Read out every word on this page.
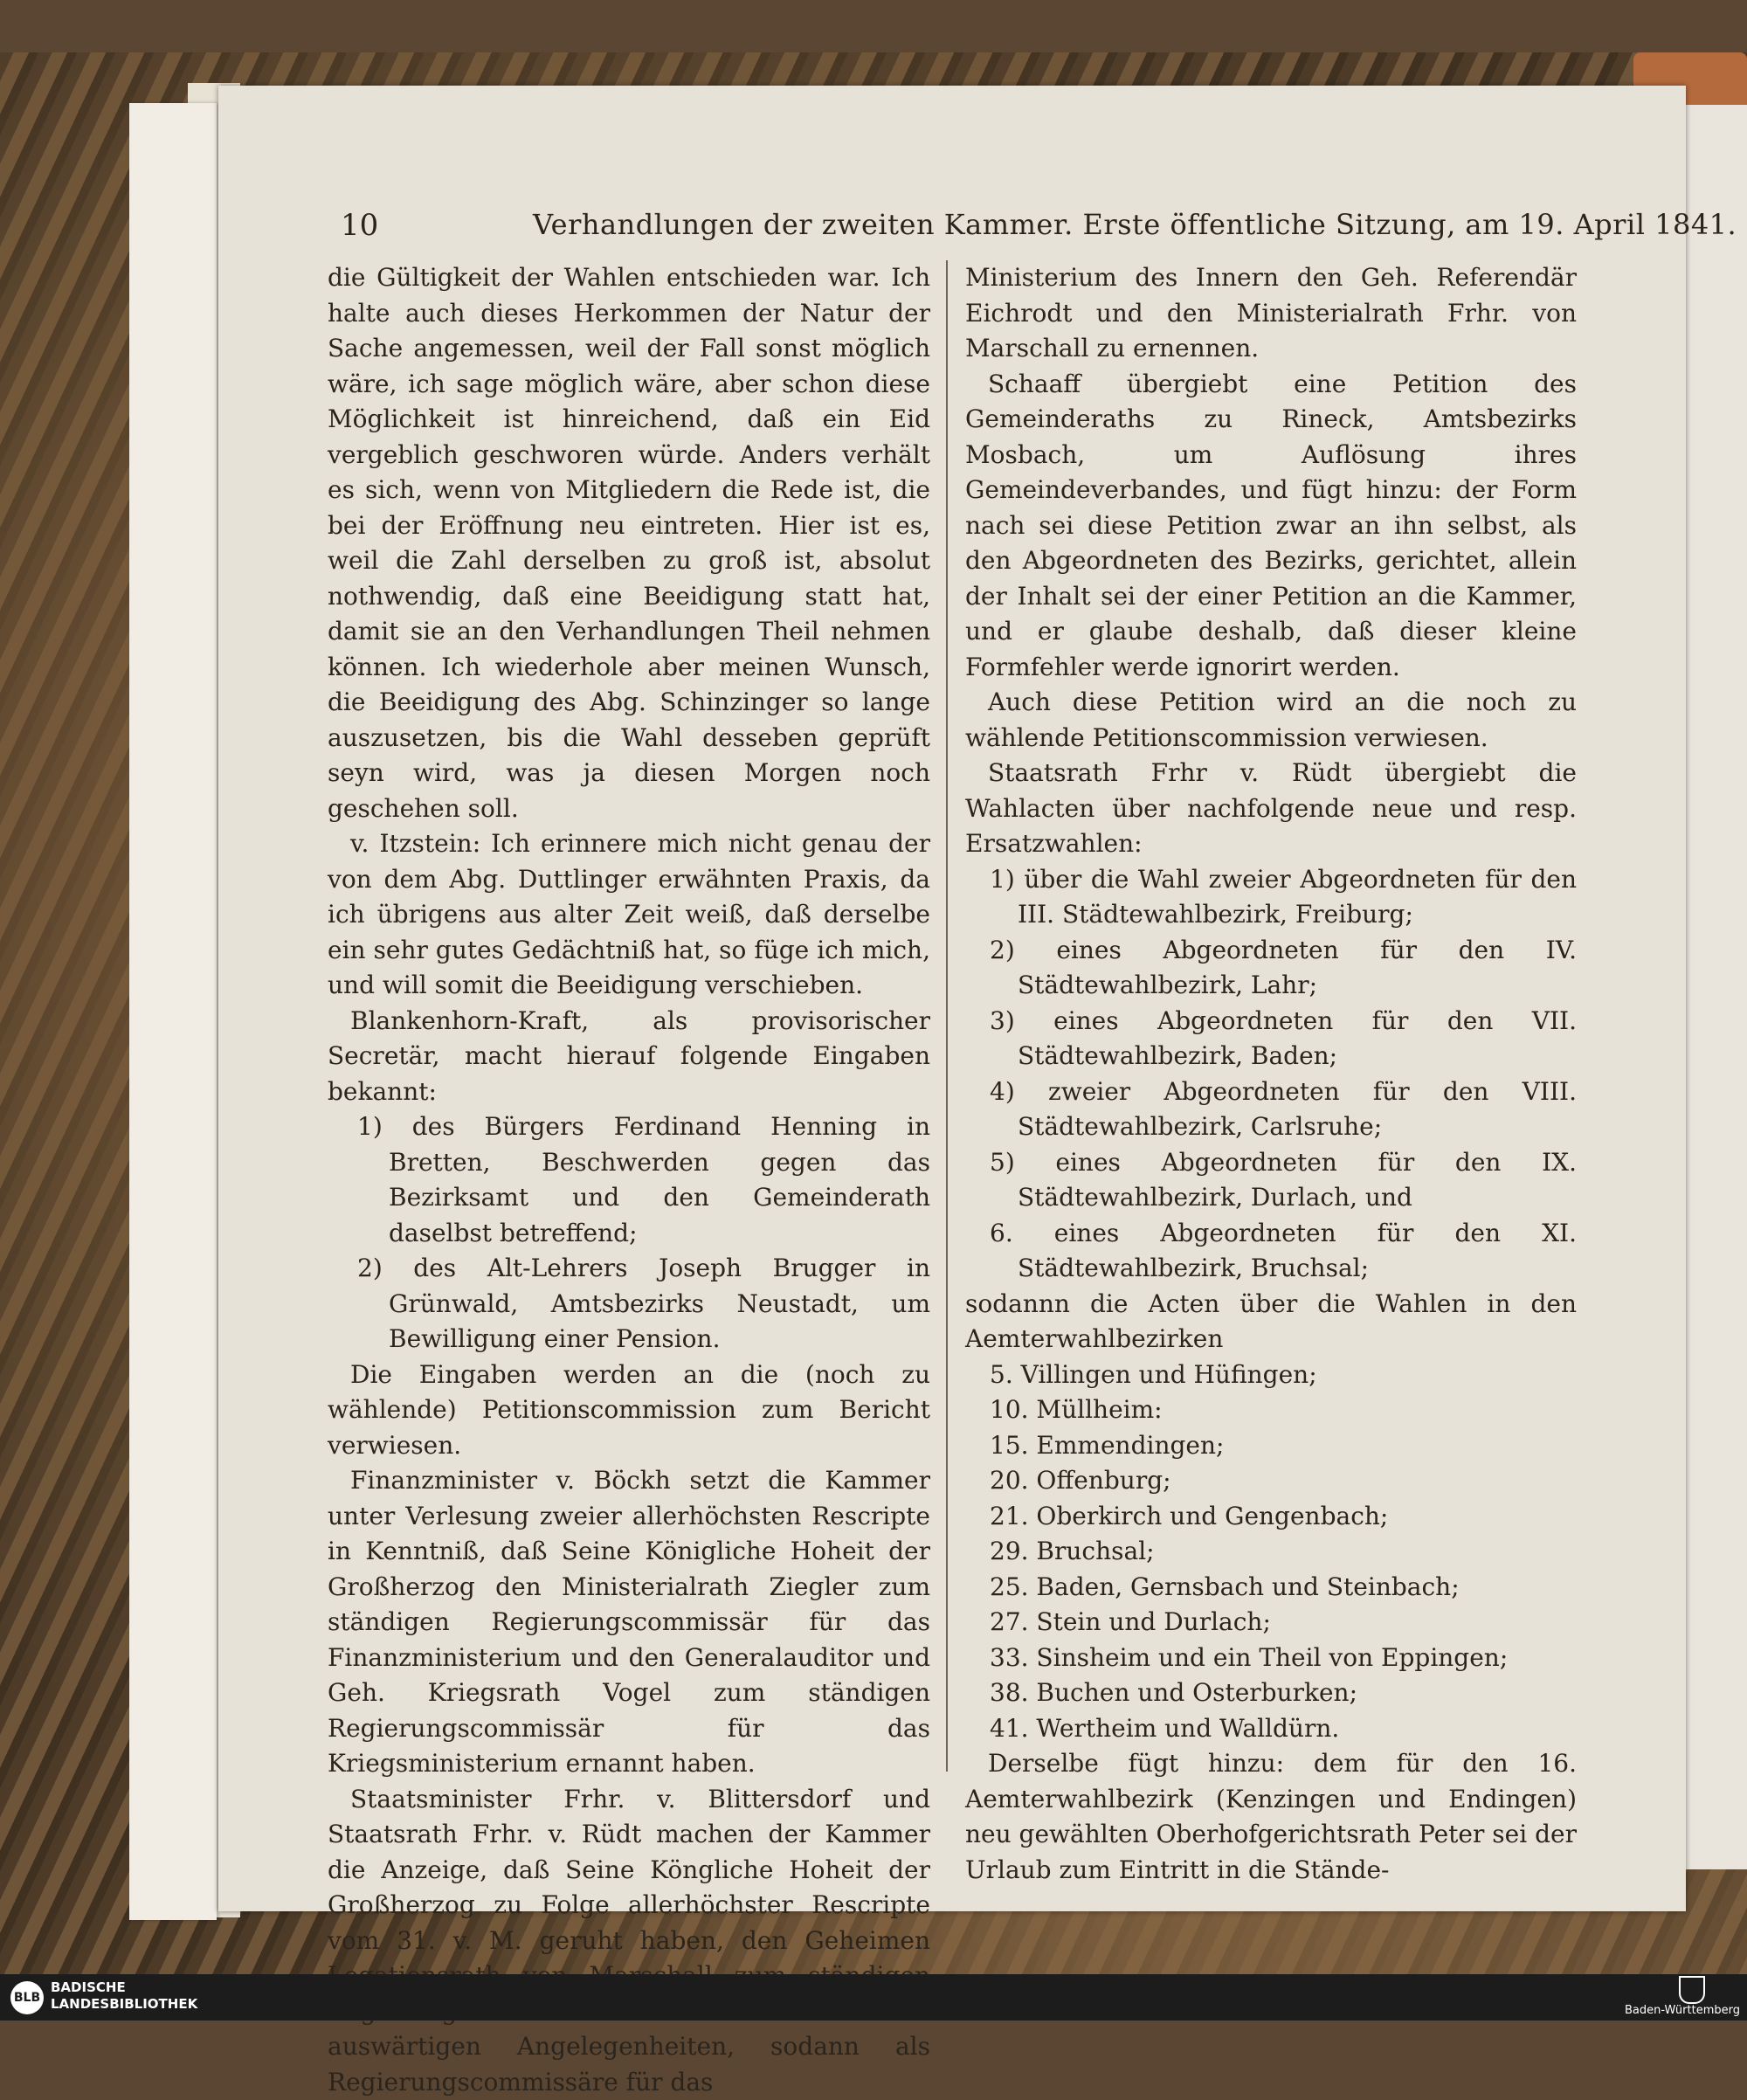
10	Verhandlungen der zweiten Kammer. Erste öffentliche Sitzung, am 19. April 1841.

die Gültigkeit der Wahlen entschieden war. Ich halte auch dieses Herkommen der Natur der Sache angemessen, weil der Fall sonst möglich wäre, ich sage möglich wäre, aber schon diese Möglichkeit ist hinreichend, daß ein Eid vergeblich geschworen würde. Anders verhält es sich, wenn von Mitgliedern die Rede ist, die bei der Eröffnung neu eintreten. Hier ist es, weil die Zahl derselben zu groß ist, absolut nothwendig, daß eine Beeidigung statt hat, damit sie an den Verhandlungen Theil nehmen können. Ich wiederhole aber meinen Wunsch, die Beeidigung des Abg. Schinzinger so lange auszusetzen, bis die Wahl desseben geprüft seyn wird, was ja diesen Morgen noch geschehen soll.

v. Itzstein: Ich erinnere mich nicht genau der von dem Abg. Duttlinger erwähnten Praxis, da ich übrigens aus alter Zeit weiß, daß derselbe ein sehr gutes Gedächtniß hat, so füge ich mich, und will somit die Beeidigung verschieben.

Blankenhorn-Kraft, als provisorischer Secretär, macht hierauf folgende Eingaben bekannt:

1) des Bürgers Ferdinand Henning in Bretten, Beschwerden gegen das Bezirksamt und den Gemeinderath daselbst betreffend;

2) des Alt-Lehrers Joseph Brugger in Grünwald, Amtsbezirks Neustadt, um Bewilligung einer Pension.

Die Eingaben werden an die (noch zu wählende) Petitionscommission zum Bericht verwiesen.

Finanzminister v. Böckh setzt die Kammer unter Verlesung zweier allerhöchsten Rescripte in Kenntniß, daß Seine Königliche Hoheit der Großherzog den Ministerialrath Ziegler zum ständigen Regierungscommissär für das Finanzministerium und den Generalauditor und Geh. Kriegsrath Vogel zum ständigen Regierungscommissär für das Kriegsministerium ernannt haben.

Staatsminister Frhr. v. Blittersdorf und Staatsrath Frhr. v. Rüdt machen der Kammer die Anzeige, daß Seine Köngliche Hoheit der Großherzog zu Folge allerhöchster Rescripte vom 31. v. M. geruht haben, den Geheimen auswärtigen Angelegenheiten, sodann als Regierungscommissäre für das

Ministerium des Innern den Geh. Referendär Eichrodt und den Ministerialrath Frhr. von Marschall zu ernennen.

Schaaff übergiebt eine Petition des Gemeinderaths zu Rineck, Amtsbezirks Mosbach, um Auflösung ihres Gemeindeverbandes, und fügt hinzu: der Form nach sei diese Petition zwar an ihn selbst, als den Abgeordneten des Bezirks, gerichtet, allein der Inhalt sei der einer Petition an die Kammer, und er glaube deshalb, daß dieser kleine Formfehler werde ignorirt werden.

Auch diese Petition wird an die noch zu wählende Petitionscommission verwiesen.

Staatsrath Frhr v. Rüdt übergiebt die Wahlacten über nachfolgende neue und resp. Ersatzwahlen:

1) über die Wahl zweier Abgeordneten für den III. Städtewahlbezirk, Freiburg;

2) eines Abgeordneten für den IV. Städtewahlbezirk, Lahr;

3) eines Abgeordneten für den VII. Städtewahlbezirk, Baden;

4) zweier Abgeordneten für den VIII. Städtewahlbezirk, Carlsruhe;

5) eines Abgeordneten für den IX. Städtewahlbezirk, Durlach, und

6. eines Abgeordneten für den XI. Städtewahlbezirk, Bruchsal;

sodannn die Acten über die Wahlen in den Aemterwahlbezirken

5. Villingen und Hüfingen;

10. Müllheim:

15. Emmendingen;

20. Offenburg;

21. Oberkirch und Gengenbach;

29. Bruchsal;

25. Baden, Gernsbach und Steinbach;

27. Stein und Durlach;

33. Sinsheim und ein Theil von Eppingen;

38. Buchen und Osterburken;

41. Wertheim und Walldürn.

Derselbe fügt hinzu: dem für den 16. Aemterwahlbezirk (Kenzingen und Endingen) neu gewählten Oberhofgerichtsrath Peter sei der Urlaub zum Eintritt in die Stände-

BLB
BADISCHE
LANDESBIBLIOTHEK	Baden-Württemberg
